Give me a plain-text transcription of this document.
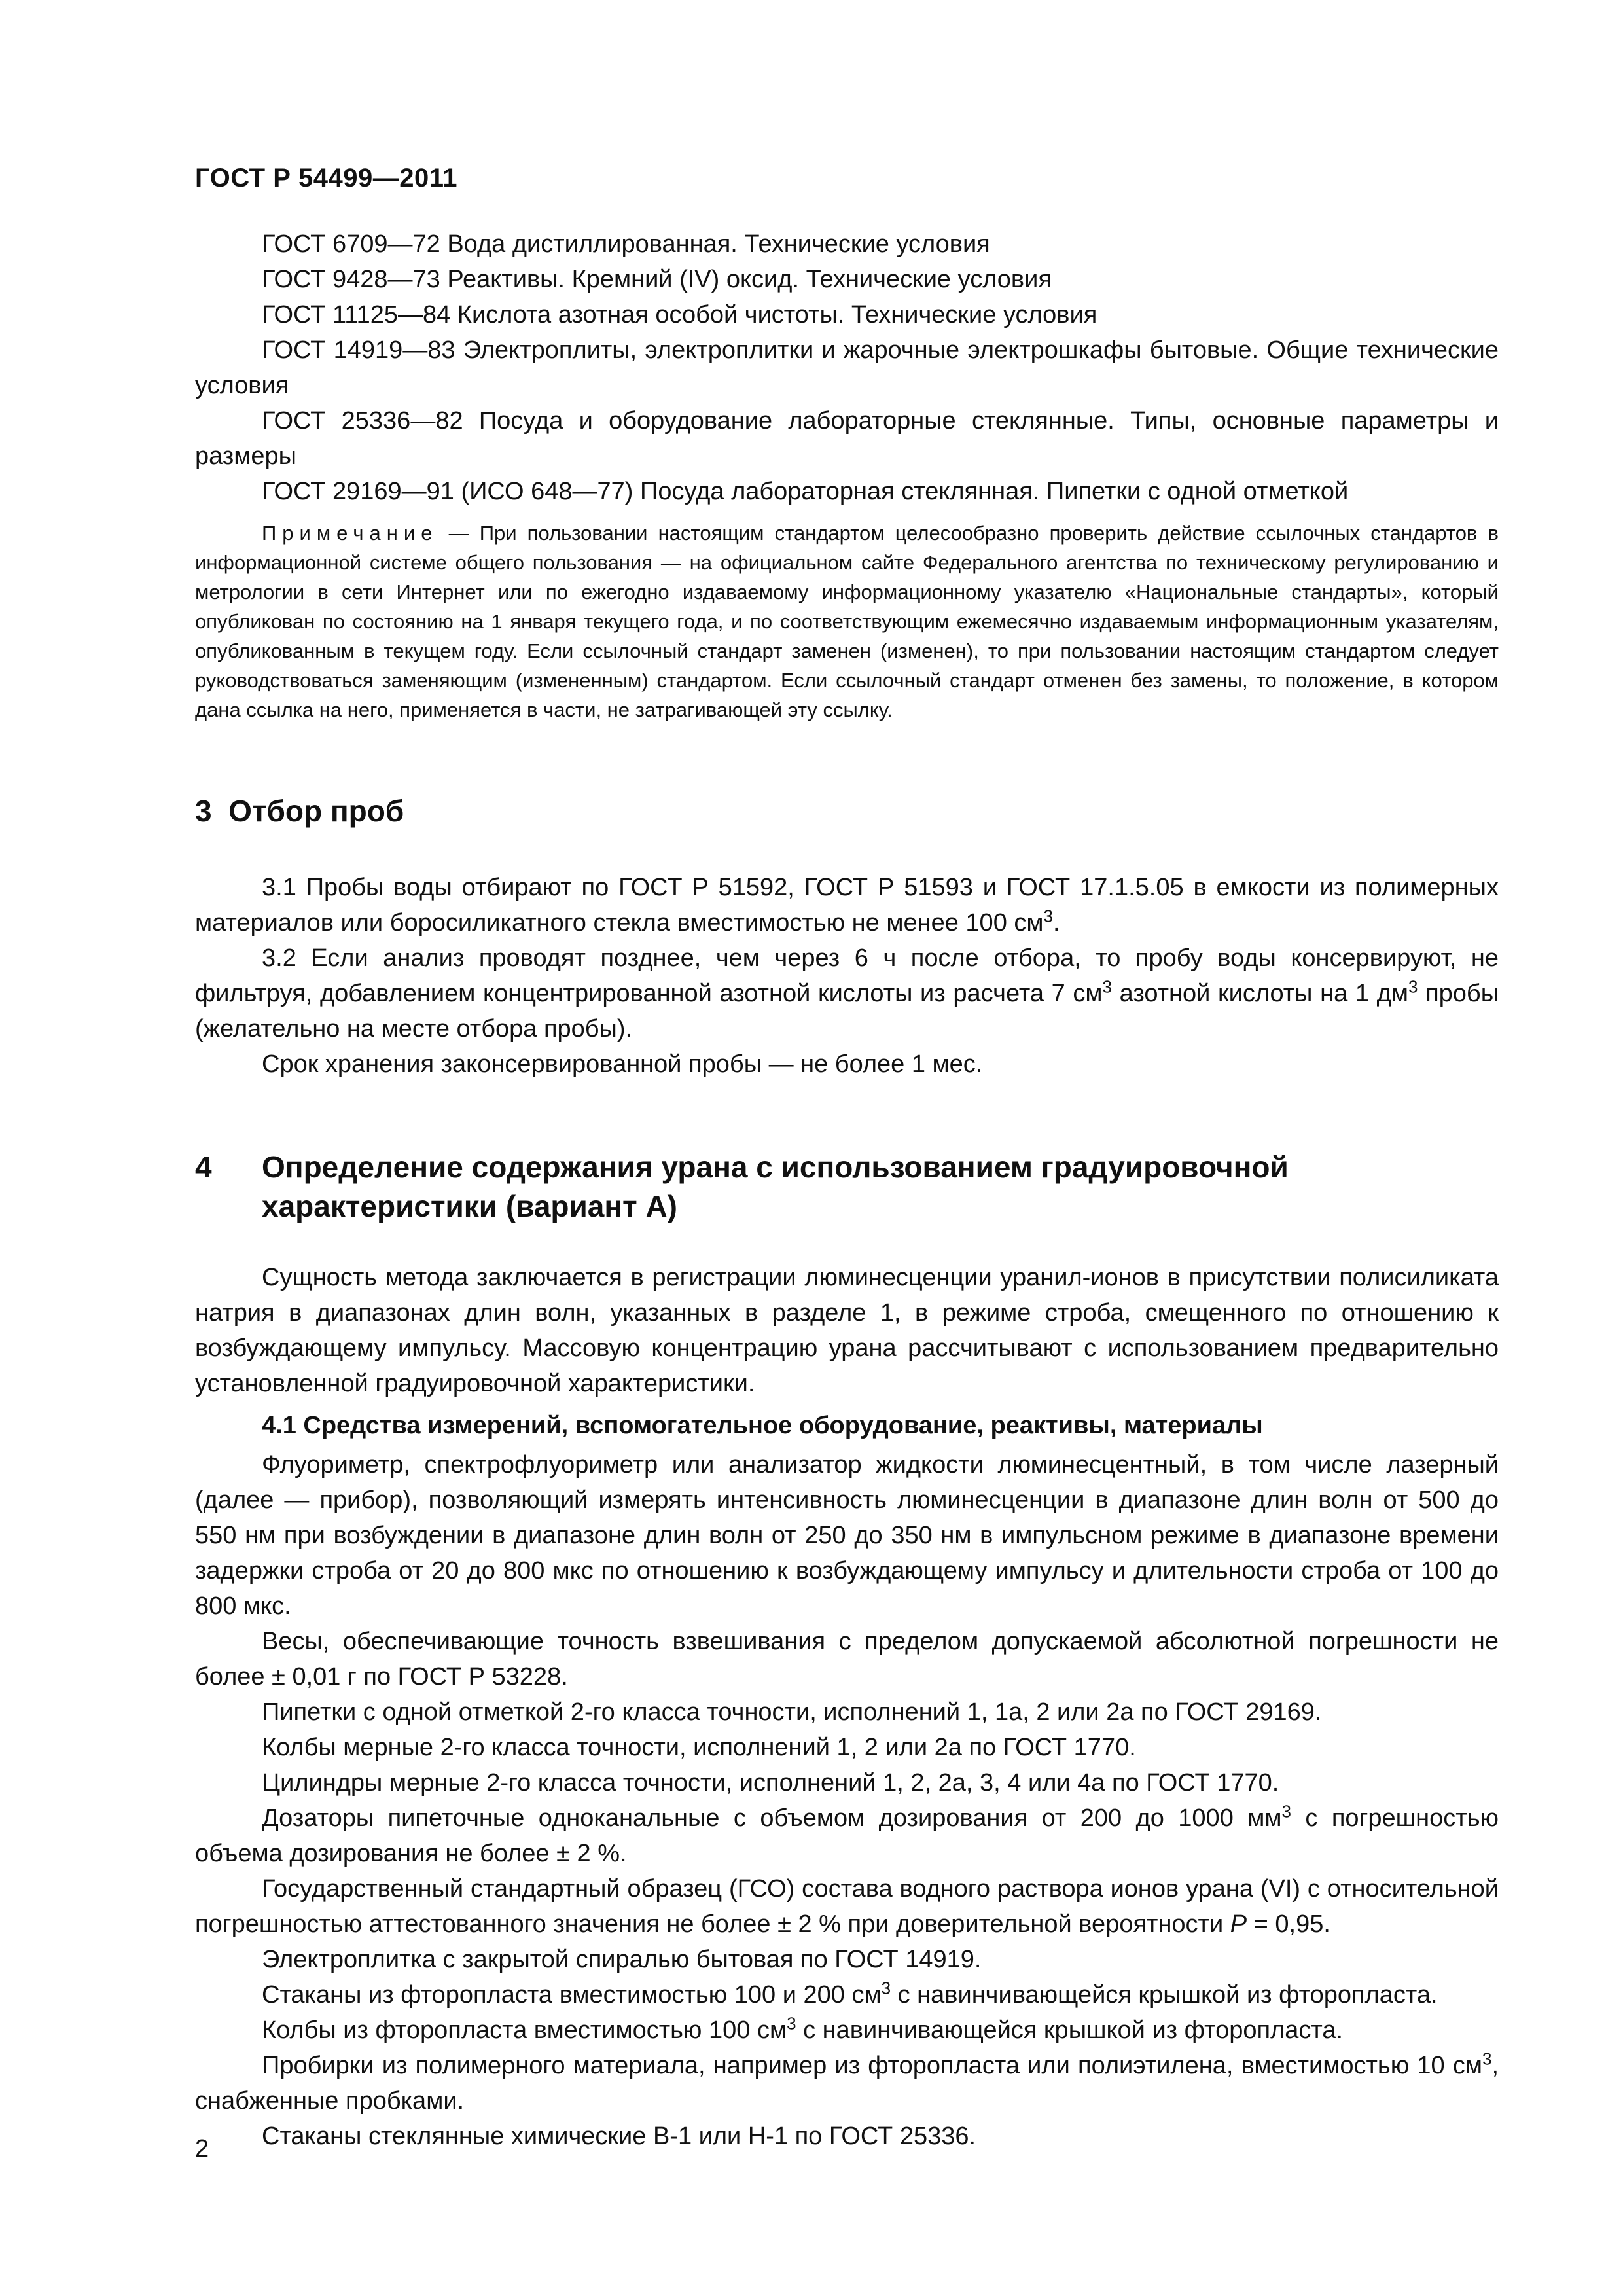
ГОСТ Р 54499—2011

ГОСТ 6709—72 Вода дистиллированная. Технические условия

ГОСТ 9428—73 Реактивы. Кремний (IV) оксид. Технические условия

ГОСТ 11125—84 Кислота азотная особой чистоты. Технические условия

ГОСТ 14919—83 Электроплиты, электроплитки и жарочные электрошкафы бытовые. Общие технические условия

ГОСТ 25336—82 Посуда и оборудование лабораторные стеклянные. Типы, основные параметры и размеры

ГОСТ 29169—91 (ИСО 648—77) Посуда лабораторная стеклянная. Пипетки с одной отметкой

Примечание — При пользовании настоящим стандартом целесообразно проверить действие ссылочных стандартов в информационной системе общего пользования — на официальном сайте Федерального агентства по техническому регулированию и метрологии в сети Интернет или по ежегодно издаваемому информационному указателю «Национальные стандарты», который опубликован по состоянию на 1 января текущего года, и по соответствующим ежемесячно издаваемым информационным указателям, опубликованным в текущем году. Если ссылочный стандарт заменен (изменен), то при пользовании настоящим стандартом следует руководствоваться заменяющим (измененным) стандартом. Если ссылочный стандарт отменен без замены, то положение, в котором дана ссылка на него, применяется в части, не затрагивающей эту ссылку.

3 Отбор проб

3.1 Пробы воды отбирают по ГОСТ Р 51592, ГОСТ Р 51593 и ГОСТ 17.1.5.05 в емкости из полимерных материалов или боросиликатного стекла вместимостью не менее 100 $см^3$.

3.2 Если анализ проводят позднее, чем через 6 ч после отбора, то пробу воды консервируют, не фильтруя, добавлением концентрированной азотной кислоты из расчета 7 $см^3$ азотной кислоты на 1 $дм^3$ пробы (желательно на месте отбора пробы).

Срок хранения законсервированной пробы — не более 1 мес.

4 Определение содержания урана с использованием градуировочной характеристики (вариант А)

Сущность метода заключается в регистрации люминесценции уранил-ионов в присутствии полисиликата натрия в диапазонах длин волн, указанных в разделе 1, в режиме строба, смещенного по отношению к возбуждающему импульсу. Массовую концентрацию урана рассчитывают с использованием предварительно установленной градуировочной характеристики.

4.1 Средства измерений, вспомогательное оборудование, реактивы, материалы

Флуориметр, спектрофлуориметр или анализатор жидкости люминесцентный, в том числе лазерный (далее — прибор), позволяющий измерять интенсивность люминесценции в диапазоне длин волн от 500 до 550 нм при возбуждении в диапазоне длин волн от 250 до 350 нм в импульсном режиме в диапазоне времени задержки строба от 20 до 800 мкс по отношению к возбуждающему импульсу и длительности строба от 100 до 800 мкс.

Весы, обеспечивающие точность взвешивания с пределом допускаемой абсолютной погрешности не более ± 0,01 г по ГОСТ Р 53228.

Пипетки с одной отметкой 2-го класса точности, исполнений 1, 1а, 2 или 2а по ГОСТ 29169.

Колбы мерные 2-го класса точности, исполнений 1, 2 или 2а по ГОСТ 1770.

Цилиндры мерные 2-го класса точности, исполнений 1, 2, 2а, 3, 4 или 4а по ГОСТ 1770.

Дозаторы пипеточные одноканальные с объемом дозирования от 200 до 1000 $мм^3$ с погрешностью объема дозирования не более ± 2 %.

Государственный стандартный образец (ГСО) состава водного раствора ионов урана (VI) с относительной погрешностью аттестованного значения не более ± 2 % при доверительной вероятности P = 0,95.

Электроплитка с закрытой спиралью бытовая по ГОСТ 14919.

Стаканы из фторопласта вместимостью 100 и 200 $см^3$ с навинчивающейся крышкой из фторопласта.

Колбы из фторопласта вместимостью 100 $см^3$ с навинчивающейся крышкой из фторопласта.

Пробирки из полимерного материала, например из фторопласта или полиэтилена, вместимостью 10 $см^3$, снабженные пробками.

Стаканы стеклянные химические В-1 или Н-1 по ГОСТ 25336.

2
